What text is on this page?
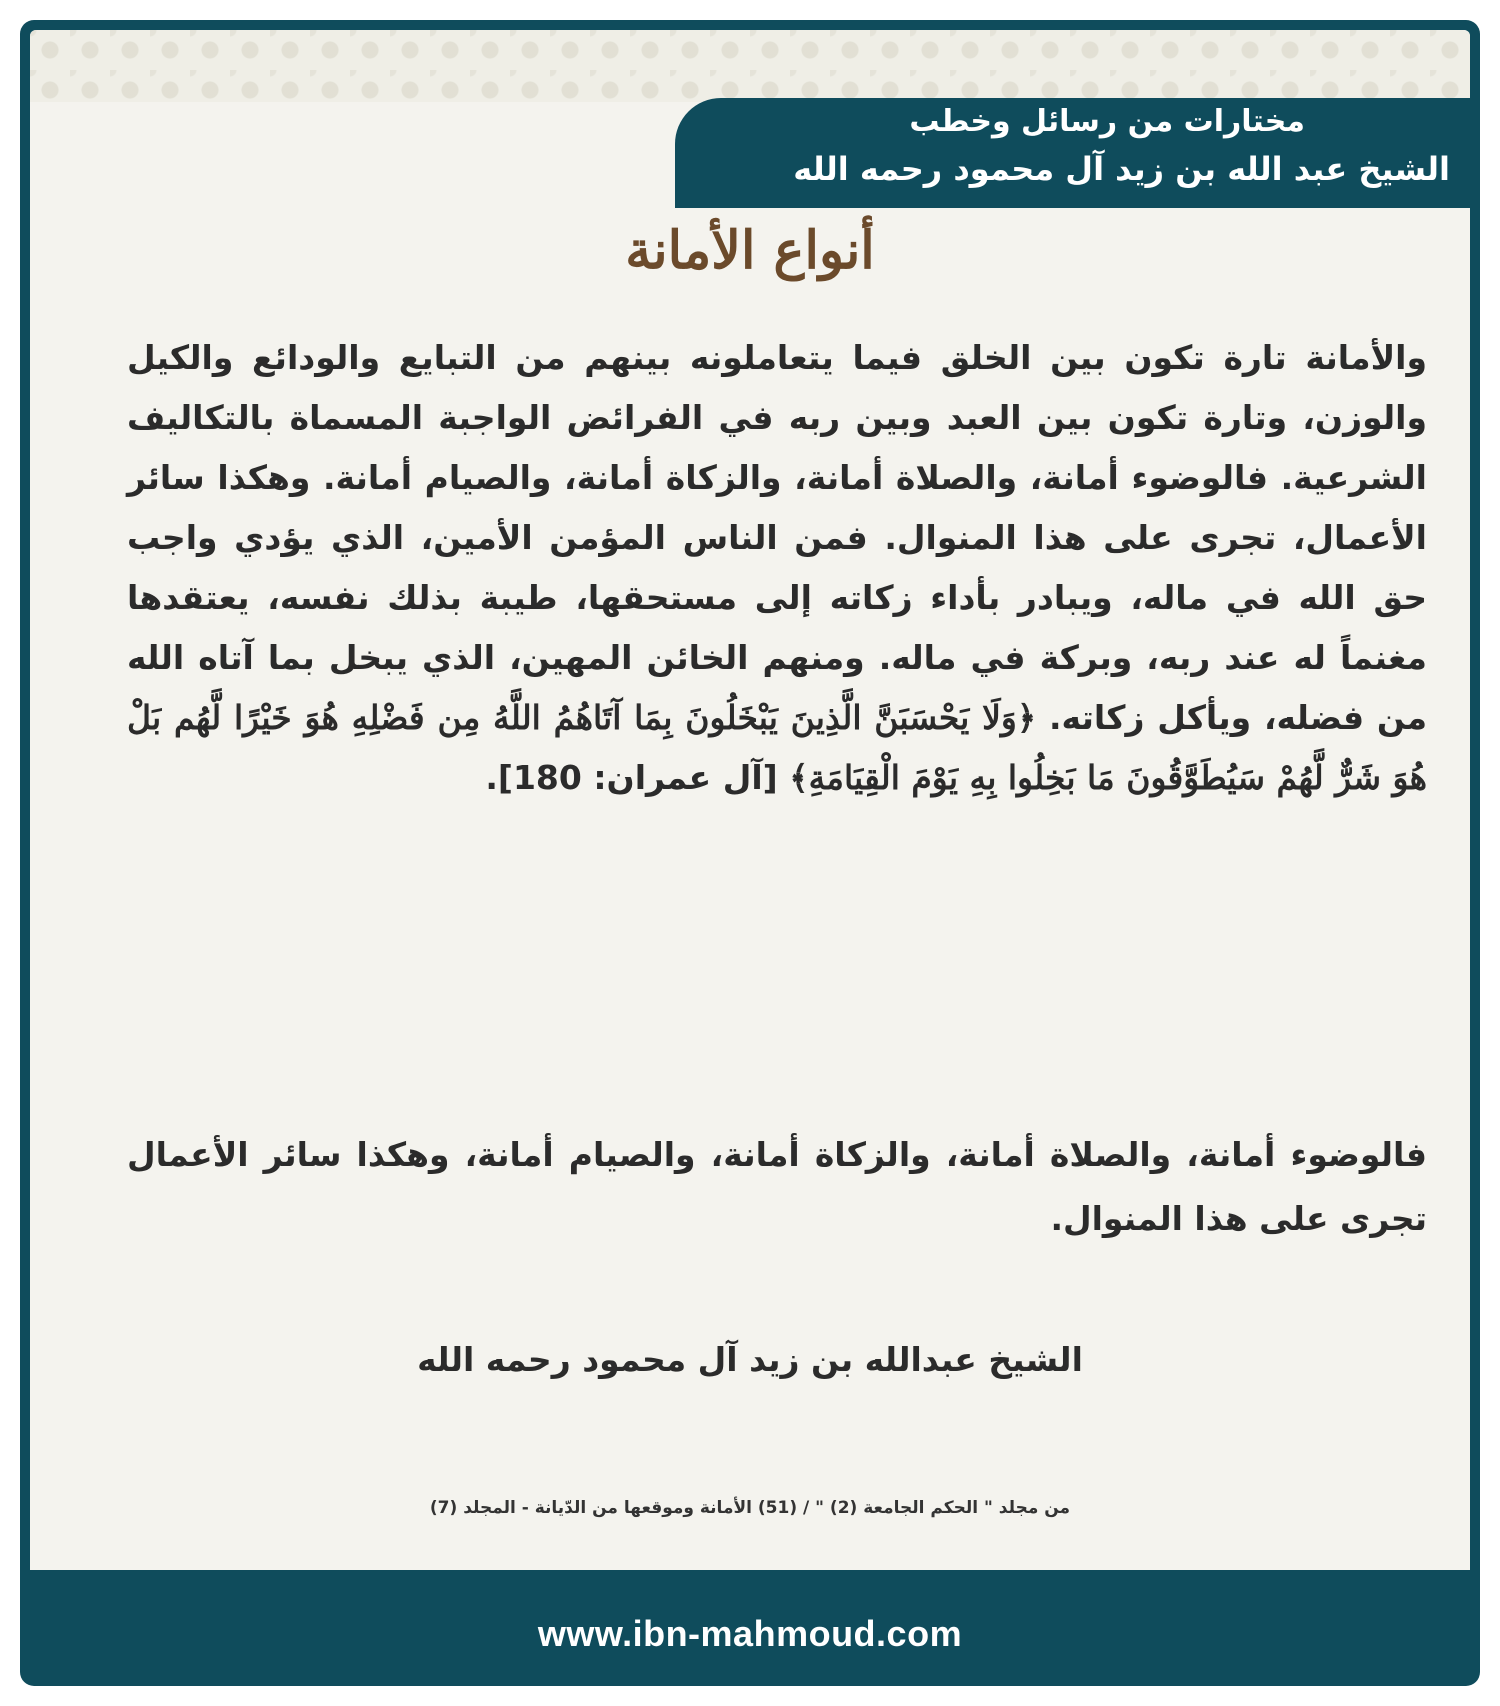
مختارات من رسائل وخطب
الشيخ عبد الله بن زيد آل محمود رحمه الله
أنواع الأمانة

والأمانة تارة تكون بين الخلق فيما يتعاملونه بينهم من التبايع والودائع والكيل والوزن، وتارة تكون بين العبد وبين ربه في الفرائض الواجبة المسماة بالتكاليف الشرعية. فالوضوء أمانة، والصلاة أمانة، والزكاة أمانة، والصيام أمانة. وهكذا سائر الأعمال، تجرى على هذا المنوال. فمن الناس المؤمن الأمين، الذي يؤدي واجب حق الله في ماله، ويبادر بأداء زكاته إلى مستحقها، طيبة بذلك نفسه، يعتقدها مغنماً له عند ربه، وبركة في ماله. ومنهم الخائن المهين، الذي يبخل بما آتاه الله من فضله، ويأكل زكاته. ﴿وَلَا يَحْسَبَنَّ الَّذِينَ يَبْخَلُونَ بِمَا آتَاهُمُ اللَّهُ مِن فَضْلِهِ هُوَ خَيْرًا لَّهُم بَلْ هُوَ شَرٌّ لَّهُمْ سَيُطَوَّقُونَ مَا بَخِلُوا بِهِ يَوْمَ الْقِيَامَةِ﴾ [آل عمران: 180].

فالوضوء أمانة، والصلاة أمانة، والزكاة أمانة، والصيام أمانة، وهكذا سائر الأعمال تجرى على هذا المنوال.

الشيخ عبدالله بن زيد آل محمود رحمه الله
من مجلد " الحكم الجامعة (2) " / (51) الأمانة وموقعها من الدّيانة - المجلد (7)
www.ibn-mahmoud.com
